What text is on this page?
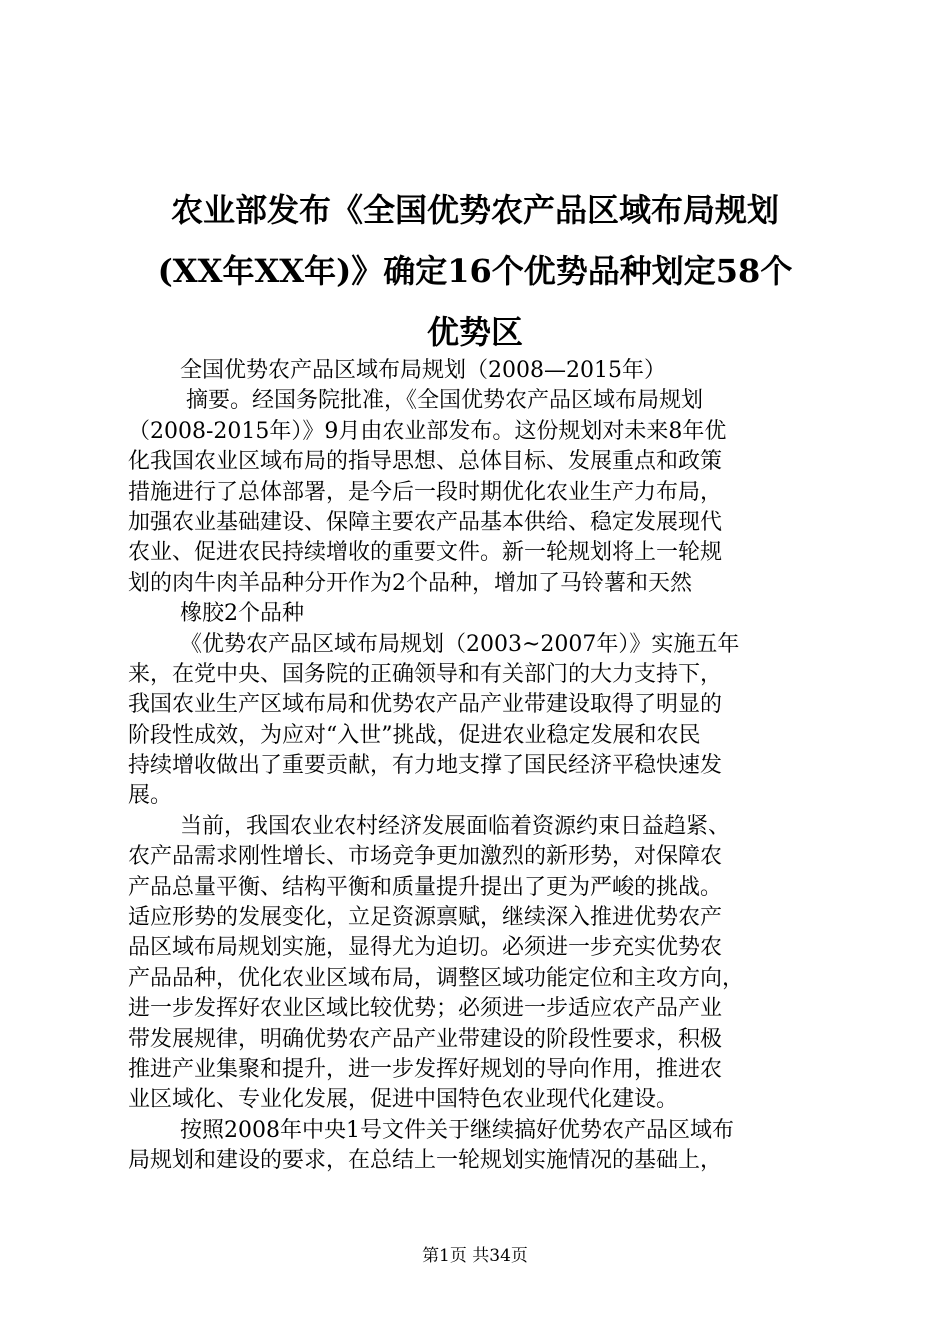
农业部发布《全国优势农产品区域布局规划
(XX年XX年)》确定16个优势品种划定58个
优势区
全国优势农产品区域布局规划（2008—2015年）
摘要。经国务院批准，《全国优势农产品区域布局规划
（2008-2015年）》9月由农业部发布。这份规划对未来8年优
化我国农业区域布局的指导思想、总体目标、发展重点和政策
措施进行了总体部署，是今后一段时期优化农业生产力布局，
加强农业基础建设、保障主要农产品基本供给、稳定发展现代
农业、促进农民持续增收的重要文件。新一轮规划将上一轮规
划的肉牛肉羊品种分开作为2个品种，增加了马铃薯和天然
橡胶2个品种
《优势农产品区域布局规划（2003~2007年）》实施五年
来，在党中央、国务院的正确领导和有关部门的大力支持下，
我国农业生产区域布局和优势农产品产业带建设取得了明显的
阶段性成效，为应对“入世”挑战，促进农业稳定发展和农民
持续增收做出了重要贡献，有力地支撑了国民经济平稳快速发
展。
当前，我国农业农村经济发展面临着资源约束日益趋紧、
农产品需求刚性增长、市场竞争更加激烈的新形势，对保障农
产品总量平衡、结构平衡和质量提升提出了更为严峻的挑战。
适应形势的发展变化，立足资源禀赋，继续深入推进优势农产
品区域布局规划实施，显得尤为迫切。必须进一步充实优势农
产品品种，优化农业区域布局，调整区域功能定位和主攻方向，
进一步发挥好农业区域比较优势；必须进一步适应农产品产业
带发展规律，明确优势农产品产业带建设的阶段性要求，积极
推进产业集聚和提升，进一步发挥好规划的导向作用，推进农
业区域化、专业化发展，促进中国特色农业现代化建设。
按照2008年中央1号文件关于继续搞好优势农产品区域布
局规划和建设的要求，在总结上一轮规划实施情况的基础上，
第1页 共34页
